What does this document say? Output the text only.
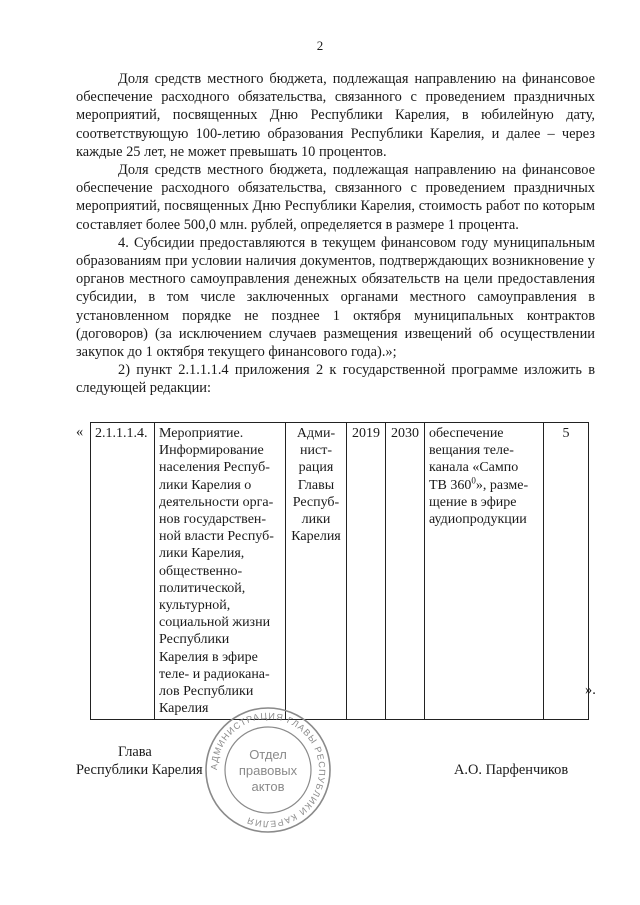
2

Доля средств местного бюджета, подлежащая направлению на финансовое обеспечение расходного обязательства, связанного с проведением праздничных мероприятий, посвященных Дню Республики Карелия, в юбилейную дату, соответствующую 100-летию образования Республики Карелия, и далее – через каждые 25 лет, не может превышать 10 процентов.

Доля средств местного бюджета, подлежащая направлению на финансовое обеспечение расходного обязательства, связанного с проведением праздничных мероприятий, посвященных Дню Республики Карелия, стоимость работ по которым составляет более 500,0 млн. рублей, определяется в размере 1 процента.

4. Субсидии предоставляются в текущем финансовом году муниципальным образованиям при условии наличия документов, подтверждающих возникновение у органов местного самоуправления денежных обязательств на цели предоставления субсидии, в том числе заключенных органами местного самоуправления в установленном порядке не позднее 1 октября муниципальных контрактов (договоров) (за исключением случаев размещения извещений об осуществлении закупок до 1 октября текущего финансового года).»;

2) пункт 2.1.1.1.4 приложения 2 к государственной программе изложить в следующей редакции:

« 2.1.1.1.4.	Мероприятие. Информирование населения Респуб-лики Карелия о деятельности орга-нов государствен-ной власти Респуб-лики Карелия, общественно-политической, культурной, социальной жизни Республики Карелия в эфире теле- и радиокана-лов Республики Карелия	Адми-нист-рация Главы Респуб-лики Карелия	2019	2030	обеспечение вещания теле-канала «Сампо ТВ $360^0$», разме-щение в эфире аудиопродукции	5
».
Глава
Республики Карелия	А.О. Парфенчиков
АДМИНИСТРАЦИЯ ГЛАВЫ РЕСПУБЛИКИ КАРЕЛИЯ
Отдел
правовых
актов
